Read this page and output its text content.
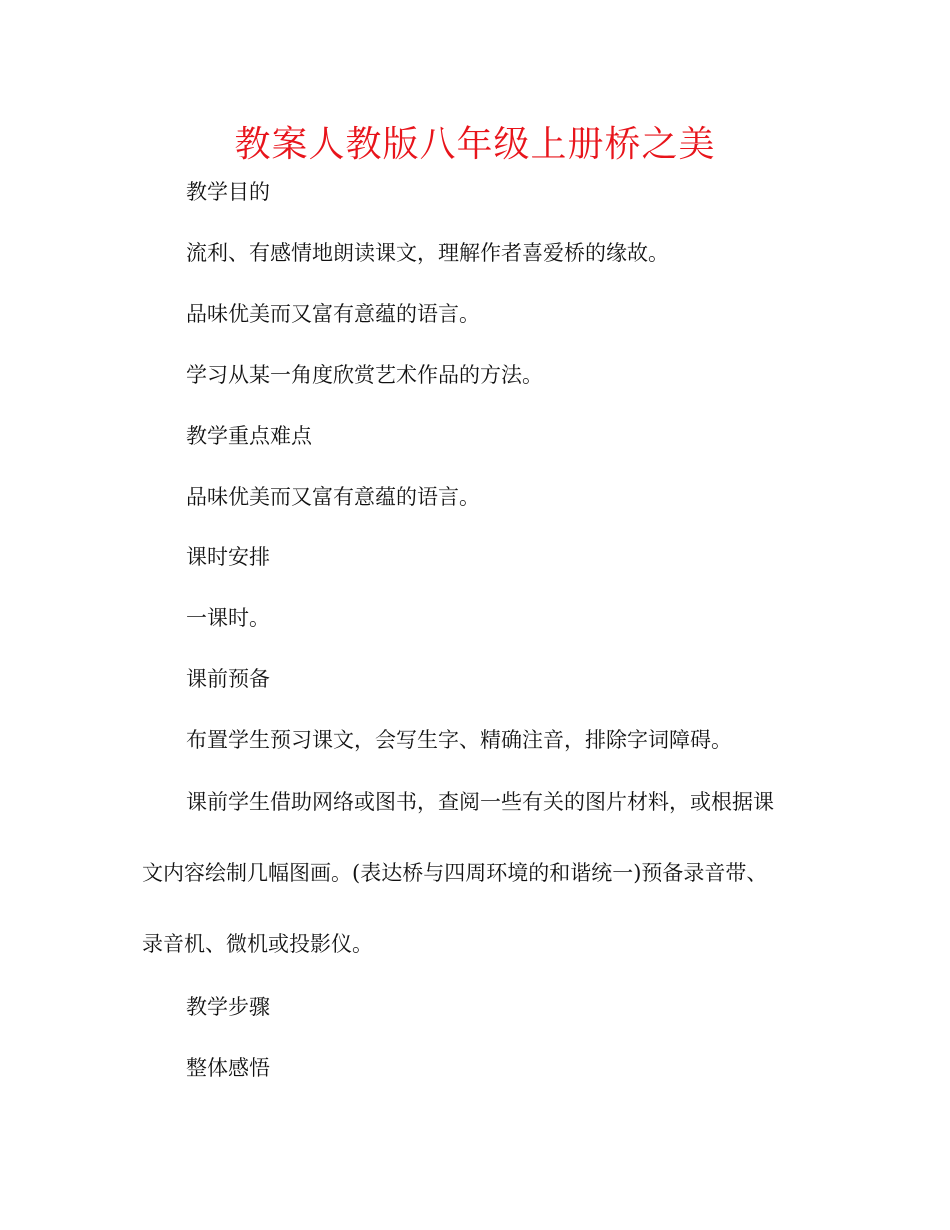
教案人教版八年级上册桥之美
教学目的
流利、有感情地朗读课文，理解作者喜爱桥的缘故。
品味优美而又富有意蕴的语言。
学习从某一角度欣赏艺术作品的方法。
教学重点难点
品味优美而又富有意蕴的语言。
课时安排
一课时。
课前预备
布置学生预习课文，会写生字、精确注音，排除字词障碍。
课前学生借助网络或图书，查阅一些有关的图片材料，或根据课
文内容绘制几幅图画。(表达桥与四周环境的和谐统一)预备录音带、
录音机、微机或投影仪。
教学步骤
整体感悟
